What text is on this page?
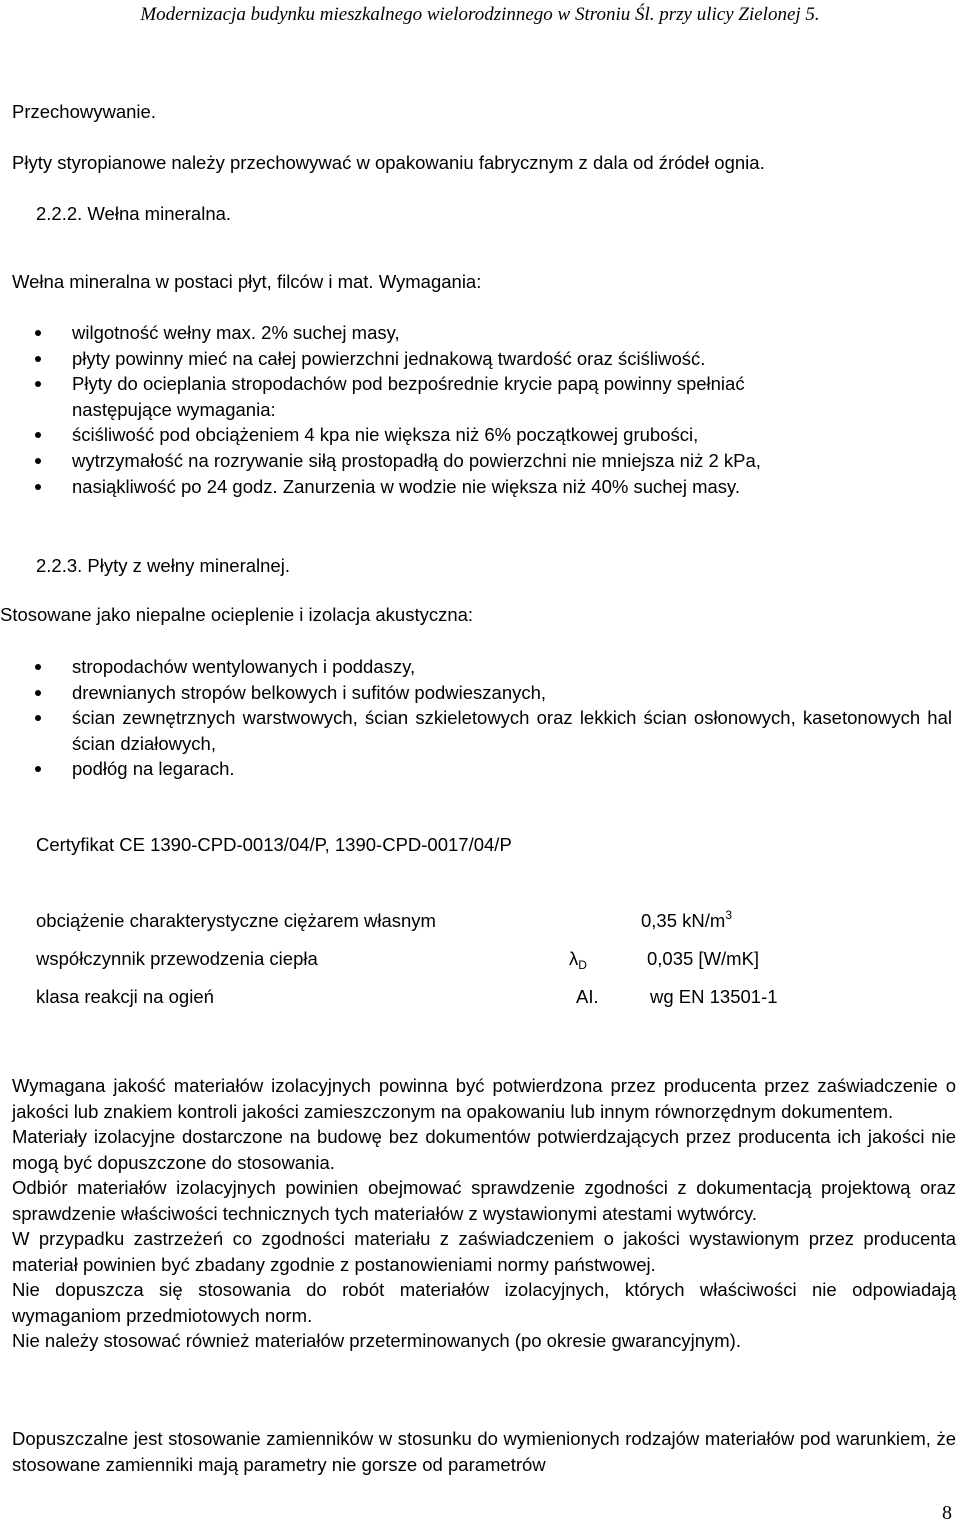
Modernizacja budynku mieszkalnego wielorodzinnego w Stroniu Śl. przy ulicy Zielonej 5.
Przechowywanie.
Płyty styropianowe należy przechowywać w opakowaniu fabrycznym z dala od źródeł ognia.
2.2.2. Wełna mineralna.
Wełna mineralna w postaci płyt, filców i mat. Wymagania:
wilgotność wełny max. 2% suchej masy,
płyty powinny mieć na całej powierzchni jednakową twardość oraz ściśliwość.
Płyty do ocieplania stropodachów pod bezpośrednie krycie papą powinny spełniać następujące wymagania:
ściśliwość pod obciążeniem 4 kpa nie większa niż 6% początkowej grubości,
wytrzymałość na rozrywanie siłą prostopadłą do powierzchni nie mniejsza niż 2 kPa,
nasiąkliwość po 24 godz. Zanurzenia w wodzie nie większa niż 40% suchej masy.
2.2.3. Płyty z wełny mineralnej.
Stosowane jako niepalne ocieplenie i izolacja akustyczna:
stropodachów wentylowanych i poddaszy,
drewnianych stropów belkowych i sufitów podwieszanych,
ścian zewnętrznych warstwowych, ścian szkieletowych oraz lekkich ścian osłonowych, kasetonowych hal ścian działowych,
podłóg na legarach.
Certyfikat CE 1390-CPD-0013/04/P, 1390-CPD-0017/04/P
obciążenie charakterystyczne ciężarem własnym	0,35 $kN/m^3$
współczynnik przewodzenia ciepła	$\lambda_D$	0,035 [W/mK]
klasa reakcji na ogień	AI.	wg EN 13501-1

Wymagana jakość materiałów izolacyjnych powinna być potwierdzona przez producenta przez zaświadczenie o jakości lub znakiem kontroli jakości zamieszczonym na opakowaniu lub innym równorzędnym dokumentem.

Materiały izolacyjne dostarczone na budowę bez dokumentów potwierdzających przez producenta ich jakości nie mogą być dopuszczone do stosowania.

Odbiór materiałów izolacyjnych powinien obejmować sprawdzenie zgodności z dokumentacją projektową oraz sprawdzenie właściwości technicznych tych materiałów z wystawionymi atestami wytwórcy.

W przypadku zastrzeżeń co zgodności materiału z zaświadczeniem o jakości wystawionym przez producenta materiał powinien być zbadany zgodnie z postanowieniami normy państwowej.

Nie dopuszcza się stosowania do robót materiałów izolacyjnych, których właściwości nie odpowiadają wymaganiom przedmiotowych norm.

Nie należy stosować również materiałów przeterminowanych (po okresie gwarancyjnym).

Dopuszczalne jest stosowanie zamienników w stosunku do wymienionych rodzajów materiałów pod warunkiem, że stosowane zamienniki mają parametry nie gorsze od parametrów
8
